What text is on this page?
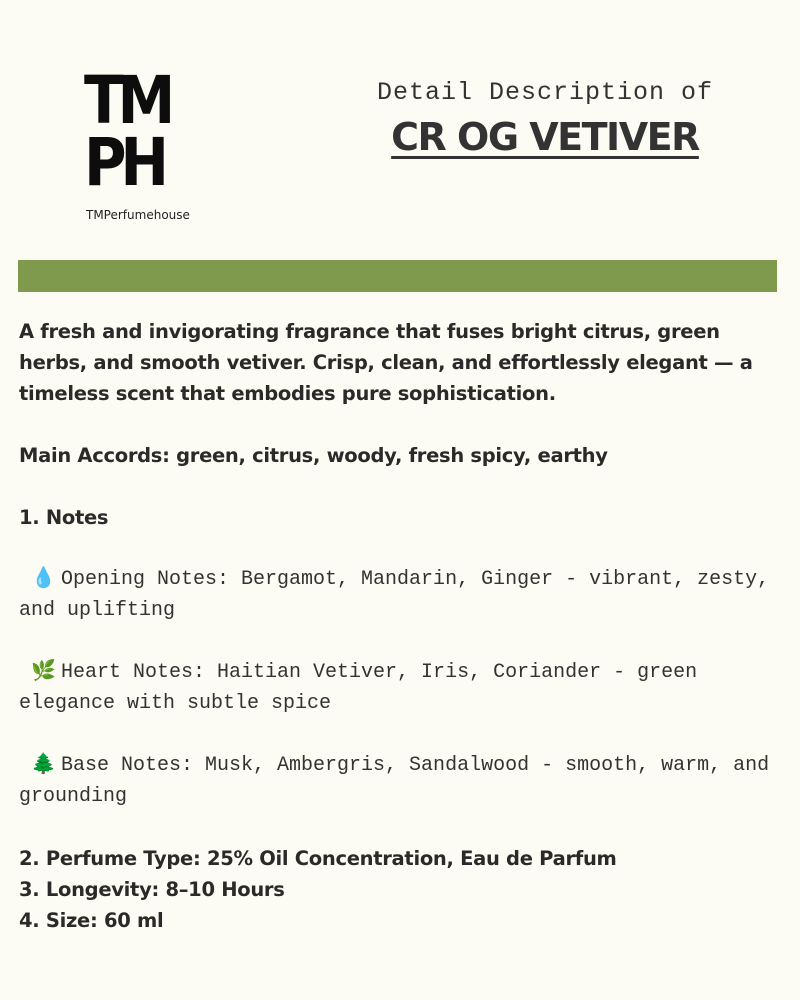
TM
PH
TMPerfumehouse
Detail Description of
CR OG VETIVER
A fresh and invigorating fragrance that fuses bright citrus, green herbs, and smooth vetiver. Crisp, clean, and effortlessly elegant — a timeless scent that embodies pure sophistication.
Main Accords: green, citrus, woody, fresh spicy, earthy
1. Notes
💧 Opening Notes: Bergamot, Mandarin, Ginger - vibrant, zesty, and uplifting
🌿 Heart Notes: Haitian Vetiver, Iris, Coriander - green elegance with subtle spice
🌲 Base Notes: Musk, Ambergris, Sandalwood - smooth, warm, and grounding
2. Perfume Type: 25% Oil Concentration, Eau de Parfum
3. Longevity: 8–10 Hours
4. Size: 60 ml
